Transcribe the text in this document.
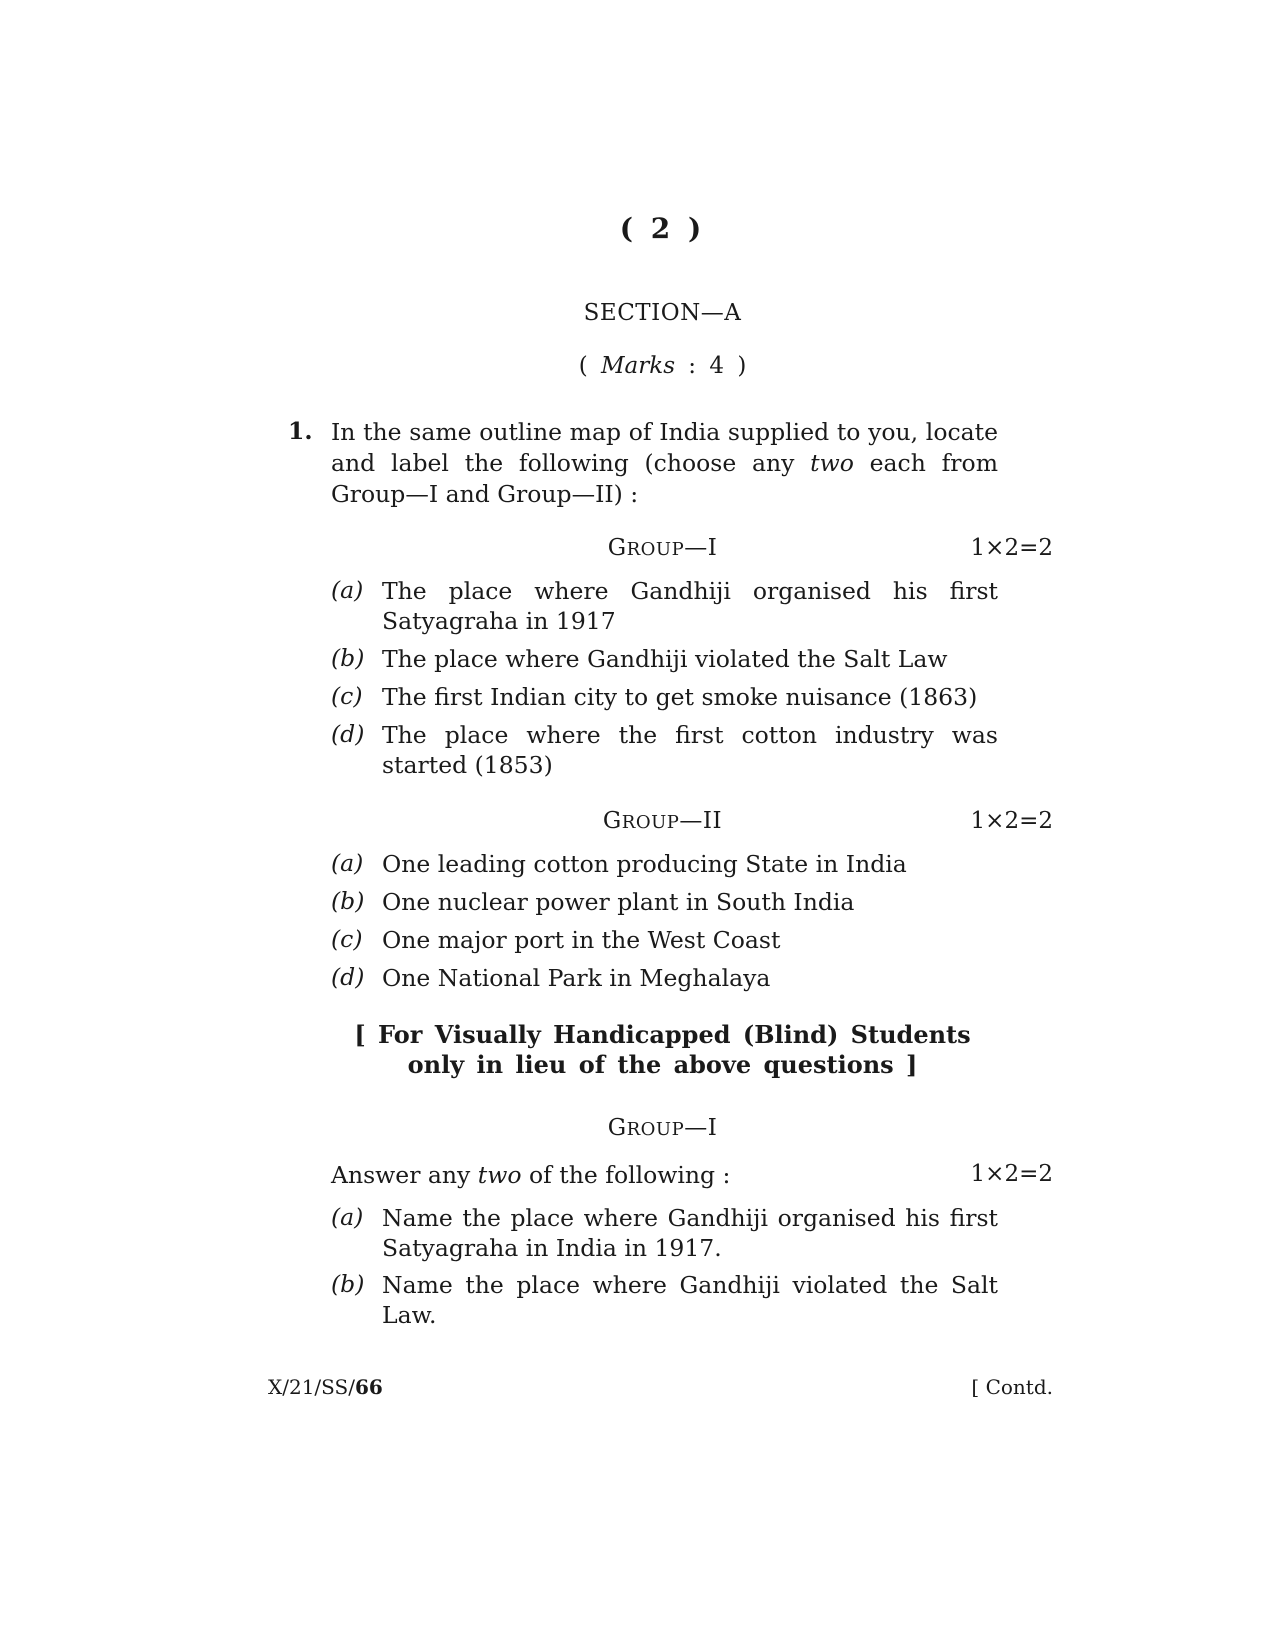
( 2 )
SECTION—A
( Marks : 4 )
1. In the same outline map of India supplied to you, locate and label the following (choose any two each from Group—I and Group—II) :
GROUP—I	1×2=2
(a) The place where Gandhiji organised his first Satyagraha in 1917
(b) The place where Gandhiji violated the Salt Law
(c) The first Indian city to get smoke nuisance (1863)
(d) The place where the first cotton industry was started (1853)
GROUP—II	1×2=2
(a) One leading cotton producing State in India
(b) One nuclear power plant in South India
(c) One major port in the West Coast
(d) One National Park in Meghalaya
[ For Visually Handicapped (Blind) Students
only in lieu of the above questions ]
GROUP—I
Answer any two of the following :	1×2=2
(a) Name the place where Gandhiji organised his first Satyagraha in India in 1917.
(b) Name the place where Gandhiji violated the Salt Law.
X/21/SS/66	[ Contd.
